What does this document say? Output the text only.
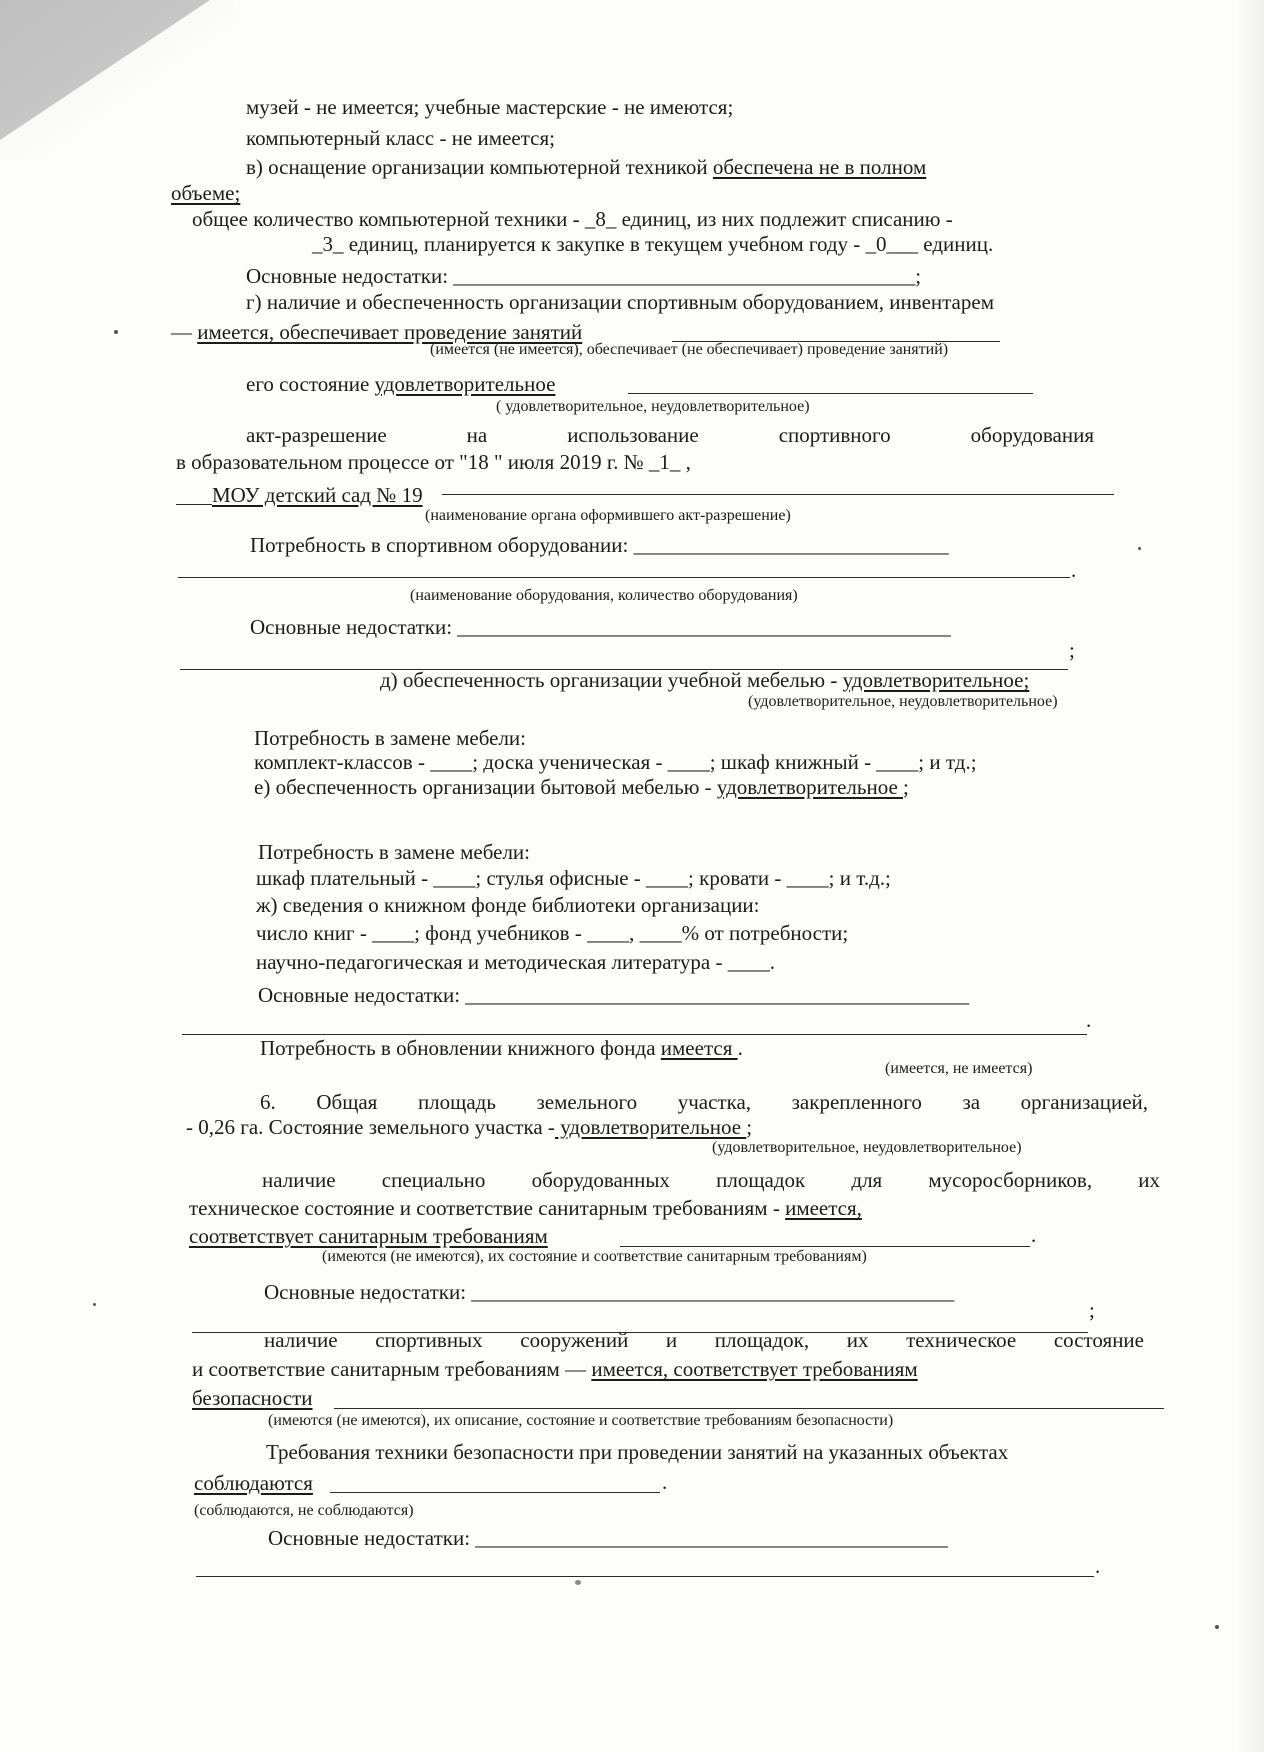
музей - не имеется; учебные мастерские - не имеются;
компьютерный класс - не имеется;
в) оснащение организации компьютерной техникой обеспечена не в полном
объеме;
общее количество компьютерной техники - _8_ единиц, из них подлежит списанию -
_3_ единиц, планируется к закупке в текущем учебном году - _0___ единиц.
Основные недостатки: ____________________________________________;
г) наличие и обеспеченность организации спортивным оборудованием, инвентарем
— имеется, обеспечивает проведение занятий
(имеется (не имеется), обеспечивает (не обеспечивает) проведение занятий)
его состояние удовлетворительное
( удовлетворительное, неудовлетворительное)
акт-разрешение на использование спортивного оборудования
в образовательном процессе от "18 " июля 2019 г. № _1_ ,
МОУ детский сад № 19
(наименование органа оформившего акт-разрешение)
Потребность в спортивном оборудовании: ______________________________
.
(наименование оборудования, количество оборудования)
Основные недостатки: _______________________________________________
;
д) обеспеченность организации учебной мебелью - удовлетворительное;
(удовлетворительное, неудовлетворительное)
Потребность в замене мебели:
комплект-классов - ____; доска ученическая - ____; шкаф книжный - ____; и тд.;
е) обеспеченность организации бытовой мебелью - удовлетворительное ;
Потребность в замене мебели:
шкаф плательный - ____; стулья офисные - ____; кровати - ____; и т.д.;
ж) сведения о книжном фонде библиотеки организации:
число книг - ____; фонд учебников - ____, ____% от потребности;
научно-педагогическая и методическая литература - ____.
Основные недостатки: ________________________________________________
.
Потребность в обновлении книжного фонда имеется .
(имеется, не имеется)
6. Общая площадь земельного участка, закрепленного за организацией,
- 0,26 га. Состояние земельного участка - удовлетворительное ;
(удовлетворительное, неудовлетворительное)
наличие специально оборудованных площадок для мусоросборников, их
техническое состояние и соответствие санитарным требованиям - имеется,
соответствует санитарным требованиям	.
(имеются (не имеются), их состояние и соответствие санитарным требованиям)
Основные недостатки: ______________________________________________
;
наличие спортивных сооружений и площадок, их техническое состояние
и соответствие санитарным требованиям — имеется, соответствует требованиям
безопасности
(имеются (не имеются), их описание, состояние и соответствие требованиям безопасности)
Требования техники безопасности при проведении занятий на указанных объектах
соблюдаются	.
(соблюдаются, не соблюдаются)
Основные недостатки: _____________________________________________
.
